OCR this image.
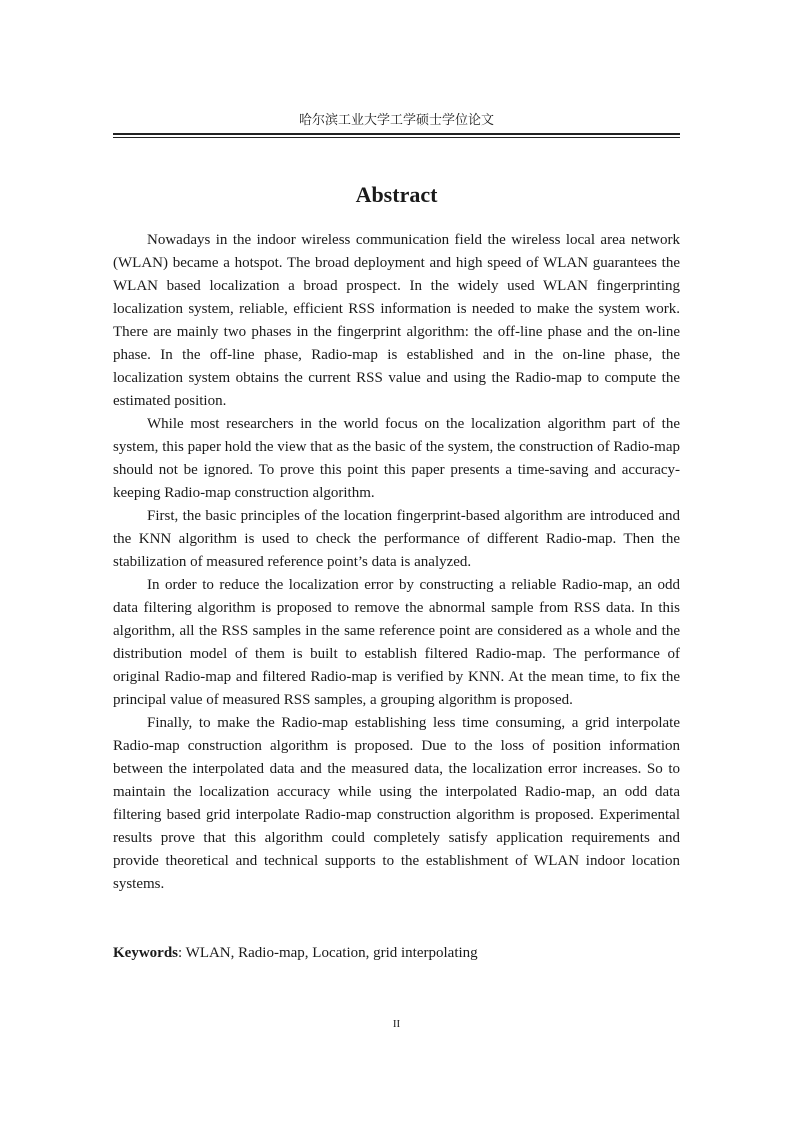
哈尔滨工业大学工学硕士学位论文
Abstract

Nowadays in the indoor wireless communication field the wireless local area network (WLAN) became a hotspot. The broad deployment and high speed of WLAN guarantees the WLAN based localization a broad prospect. In the widely used WLAN fingerprinting localization system, reliable, efficient RSS information is needed to make the system work. There are mainly two phases in the fingerprint algorithm: the off-line phase and the on-line phase. In the off-line phase, Radio-map is established and in the on-line phase, the localization system obtains the current RSS value and using the Radio-map to compute the estimated position.

While most researchers in the world focus on the localization algorithm part of the system, this paper hold the view that as the basic of the system, the construction of Radio-map should not be ignored. To prove this point this paper presents a time-saving and accuracy-keeping Radio-map construction algorithm.

First, the basic principles of the location fingerprint-based algorithm are introduced and the KNN algorithm is used to check the performance of different Radio-map. Then the stabilization of measured reference point’s data is analyzed.

In order to reduce the localization error by constructing a reliable Radio-map, an odd data filtering algorithm is proposed to remove the abnormal sample from RSS data. In this algorithm, all the RSS samples in the same reference point are considered as a whole and the distribution model of them is built to establish filtered Radio-map. The performance of original Radio-map and filtered Radio-map is verified by KNN. At the mean time, to fix the principal value of measured RSS samples, a grouping algorithm is proposed.

Finally, to make the Radio-map establishing less time consuming, a grid interpolate Radio-map construction algorithm is proposed. Due to the loss of position information between the interpolated data and the measured data, the localization error increases. So to maintain the localization accuracy while using the interpolated Radio-map, an odd data filtering based grid interpolate Radio-map construction algorithm is proposed. Experimental results prove that this algorithm could completely satisfy application requirements and provide theoretical and technical supports to the establishment of WLAN indoor location systems.

Keywords: WLAN, Radio-map, Location, grid interpolating
II
